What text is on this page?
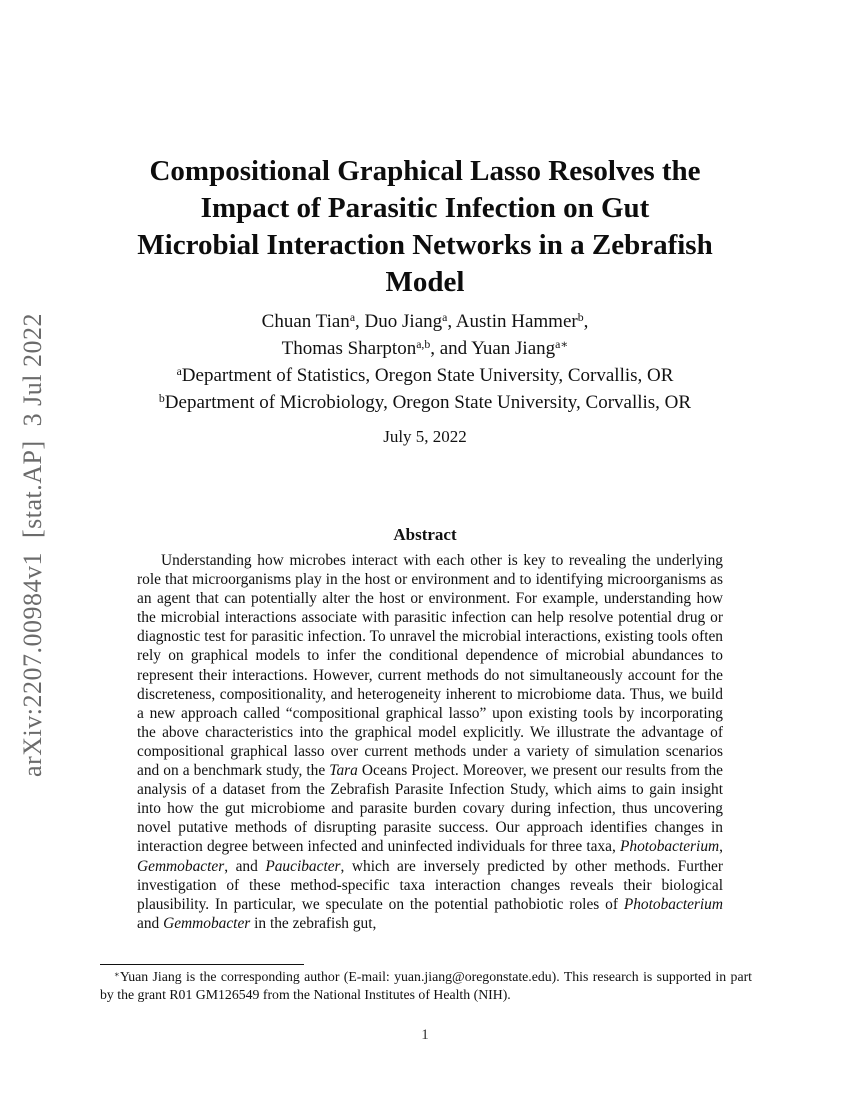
arXiv:2207.00984v1  [stat.AP]  3 Jul 2022
Compositional Graphical Lasso Resolves the
Impact of Parasitic Infection on Gut
Microbial Interaction Networks in a Zebrafish
Model
Chuan Tian$^a$, Duo Jiang$^a$, Austin Hammer$^b$,
Thomas Sharpton$^{a,b}$, and Yuan Jiang$^{a∗}$
$^a$Department of Statistics, Oregon State University, Corvallis, OR
$^b$Department of Microbiology, Oregon State University, Corvallis, OR
July 5, 2022
Abstract

Understanding how microbes interact with each other is key to revealing the underlying role that microorganisms play in the host or environment and to identifying microorganisms as an agent that can potentially alter the host or environment. For example, understanding how the microbial interactions associate with parasitic infection can help resolve potential drug or diagnostic test for parasitic infection. To unravel the microbial interactions, existing tools often rely on graphical models to infer the conditional dependence of microbial abundances to represent their interactions. However, current methods do not simultaneously account for the discreteness, compositionality, and heterogeneity inherent to microbiome data. Thus, we build a new approach called “compositional graphical lasso” upon existing tools by incorporating the above characteristics into the graphical model explicitly. We illustrate the advantage of compositional graphical lasso over current methods under a variety of simulation scenarios and on a benchmark study, the Tara Oceans Project. Moreover, we present our results from the analysis of a dataset from the Zebrafish Parasite Infection Study, which aims to gain insight into how the gut microbiome and parasite burden covary during infection, thus uncovering novel putative methods of disrupting parasite success. Our approach identifies changes in interaction degree between infected and uninfected individuals for three taxa, Photobacterium, Gemmobacter, and Paucibacter, which are inversely predicted by other methods. Further investigation of these method-specific taxa interaction changes reveals their biological plausibility. In particular, we speculate on the potential pathobiotic roles of Photobacterium and Gemmobacter in the zebrafish gut,

∗Yuan Jiang is the corresponding author (E-mail: yuan.jiang@oregonstate.edu). This research is supported in part by the grant R01 GM126549 from the National Institutes of Health (NIH).

1
